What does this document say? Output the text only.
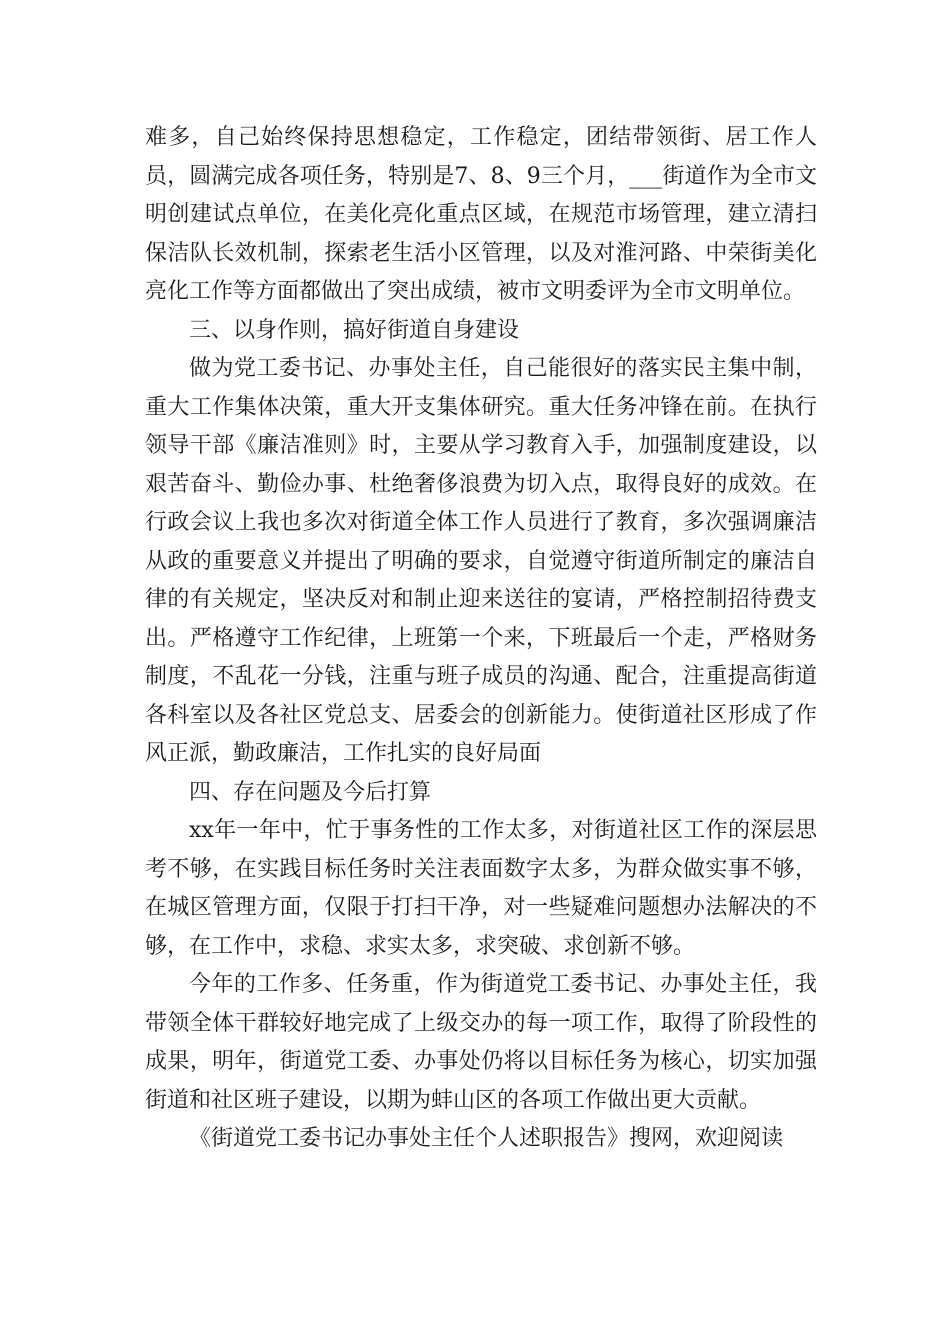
难多，自己始终保持思想稳定，工作稳定，团结带领街、居工作人员，圆满完成各项任务，特别是7、8、9三个月，___街道作为全市文明创建试点单位，在美化亮化重点区域，在规范市场管理，建立清扫保洁队长效机制，探索老生活小区管理，以及对淮河路、中荣街美化亮化工作等方面都做出了突出成绩，被市文明委评为全市文明单位。

三、以身作则，搞好街道自身建设

做为党工委书记、办事处主任，自己能很好的落实民主集中制，重大工作集体决策，重大开支集体研究。重大任务冲锋在前。在执行领导干部《廉洁准则》时，主要从学习教育入手，加强制度建设，以艰苦奋斗、勤俭办事、杜绝奢侈浪费为切入点，取得良好的成效。在行政会议上我也多次对街道全体工作人员进行了教育，多次强调廉洁从政的重要意义并提出了明确的要求，自觉遵守街道所制定的廉洁自律的有关规定，坚决反对和制止迎来送往的宴请，严格控制招待费支出。严格遵守工作纪律，上班第一个来，下班最后一个走，严格财务制度，不乱花一分钱，注重与班子成员的沟通、配合，注重提高街道各科室以及各社区党总支、居委会的创新能力。使街道社区形成了作风正派，勤政廉洁，工作扎实的良好局面

四、存在问题及今后打算

xx年一年中，忙于事务性的工作太多，对街道社区工作的深层思考不够，在实践目标任务时关注表面数字太多，为群众做实事不够，在城区管理方面，仅限于打扫干净，对一些疑难问题想办法解决的不够，在工作中，求稳、求实太多，求突破、求创新不够。

今年的工作多、任务重，作为街道党工委书记、办事处主任，我带领全体干群较好地完成了上级交办的每一项工作，取得了阶段性的成果，明年，街道党工委、办事处仍将以目标任务为核心，切实加强街道和社区班子建设，以期为蚌山区的各项工作做出更大贡献。

《街道党工委书记办事处主任个人述职报告》搜网，欢迎阅读
